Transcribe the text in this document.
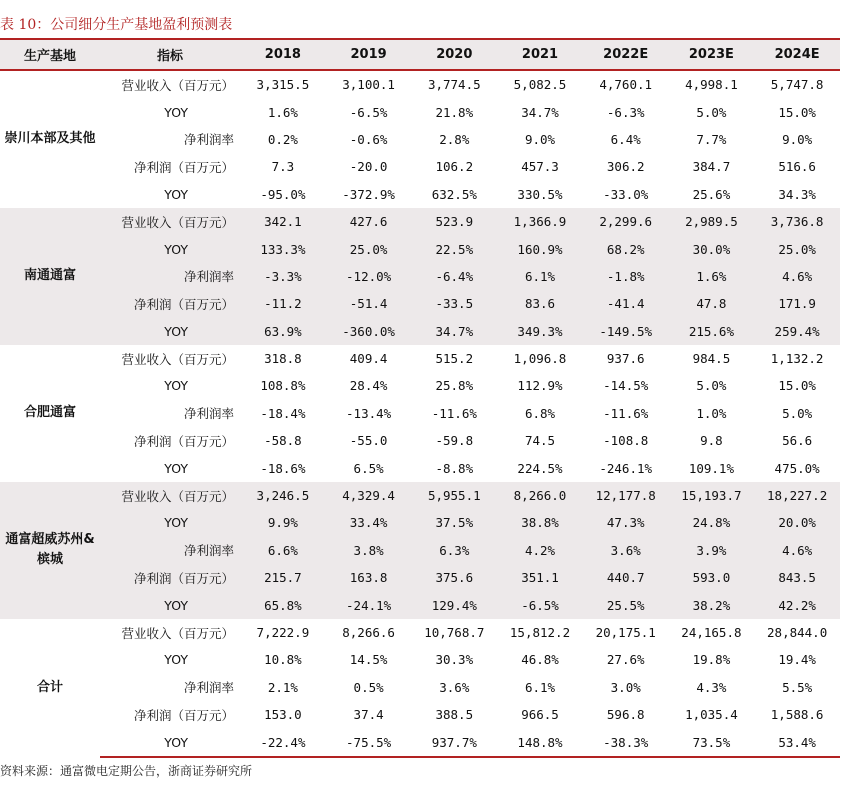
表 10：公司细分生产基地盈利预测表
生产基地	指标	2018	2019	2020	2021	2022E	2023E	2024E
崇川本部及其他	营业收入（百万元）	3,315.5	3,100.1	3,774.5	5,082.5	4,760.1	4,998.1	5,747.8
	YOY	1.6%	-6.5%	21.8%	34.7%	-6.3%	5.0%	15.0%
	净利润率	0.2%	-0.6%	2.8%	9.0%	6.4%	7.7%	9.0%
	净利润（百万元）	7.3	-20.0	106.2	457.3	306.2	384.7	516.6
	YOY	-95.0%	-372.9%	632.5%	330.5%	-33.0%	25.6%	34.3%
南通通富	营业收入（百万元）	342.1	427.6	523.9	1,366.9	2,299.6	2,989.5	3,736.8
	YOY	133.3%	25.0%	22.5%	160.9%	68.2%	30.0%	25.0%
	净利润率	-3.3%	-12.0%	-6.4%	6.1%	-1.8%	1.6%	4.6%
	净利润（百万元）	-11.2	-51.4	-33.5	83.6	-41.4	47.8	171.9
	YOY	63.9%	-360.0%	34.7%	349.3%	-149.5%	215.6%	259.4%
合肥通富	营业收入（百万元）	318.8	409.4	515.2	1,096.8	937.6	984.5	1,132.2
	YOY	108.8%	28.4%	25.8%	112.9%	-14.5%	5.0%	15.0%
	净利润率	-18.4%	-13.4%	-11.6%	6.8%	-11.6%	1.0%	5.0%
	净利润（百万元）	-58.8	-55.0	-59.8	74.5	-108.8	9.8	56.6
	YOY	-18.6%	6.5%	-8.8%	224.5%	-246.1%	109.1%	475.0%
通富超威苏州&槟城	营业收入（百万元）	3,246.5	4,329.4	5,955.1	8,266.0	12,177.8	15,193.7	18,227.2
	YOY	9.9%	33.4%	37.5%	38.8%	47.3%	24.8%	20.0%
	净利润率	6.6%	3.8%	6.3%	4.2%	3.6%	3.9%	4.6%
	净利润（百万元）	215.7	163.8	375.6	351.1	440.7	593.0	843.5
	YOY	65.8%	-24.1%	129.4%	-6.5%	25.5%	38.2%	42.2%
合计	营业收入（百万元）	7,222.9	8,266.6	10,768.7	15,812.2	20,175.1	24,165.8	28,844.0
	YOY	10.8%	14.5%	30.3%	46.8%	27.6%	19.8%	19.4%
	净利润率	2.1%	0.5%	3.6%	6.1%	3.0%	4.3%	5.5%
	净利润（百万元）	153.0	37.4	388.5	966.5	596.8	1,035.4	1,588.6
	YOY	-22.4%	-75.5%	937.7%	148.8%	-38.3%	73.5%	53.4%
资料来源：通富微电定期公告，浙商证券研究所
